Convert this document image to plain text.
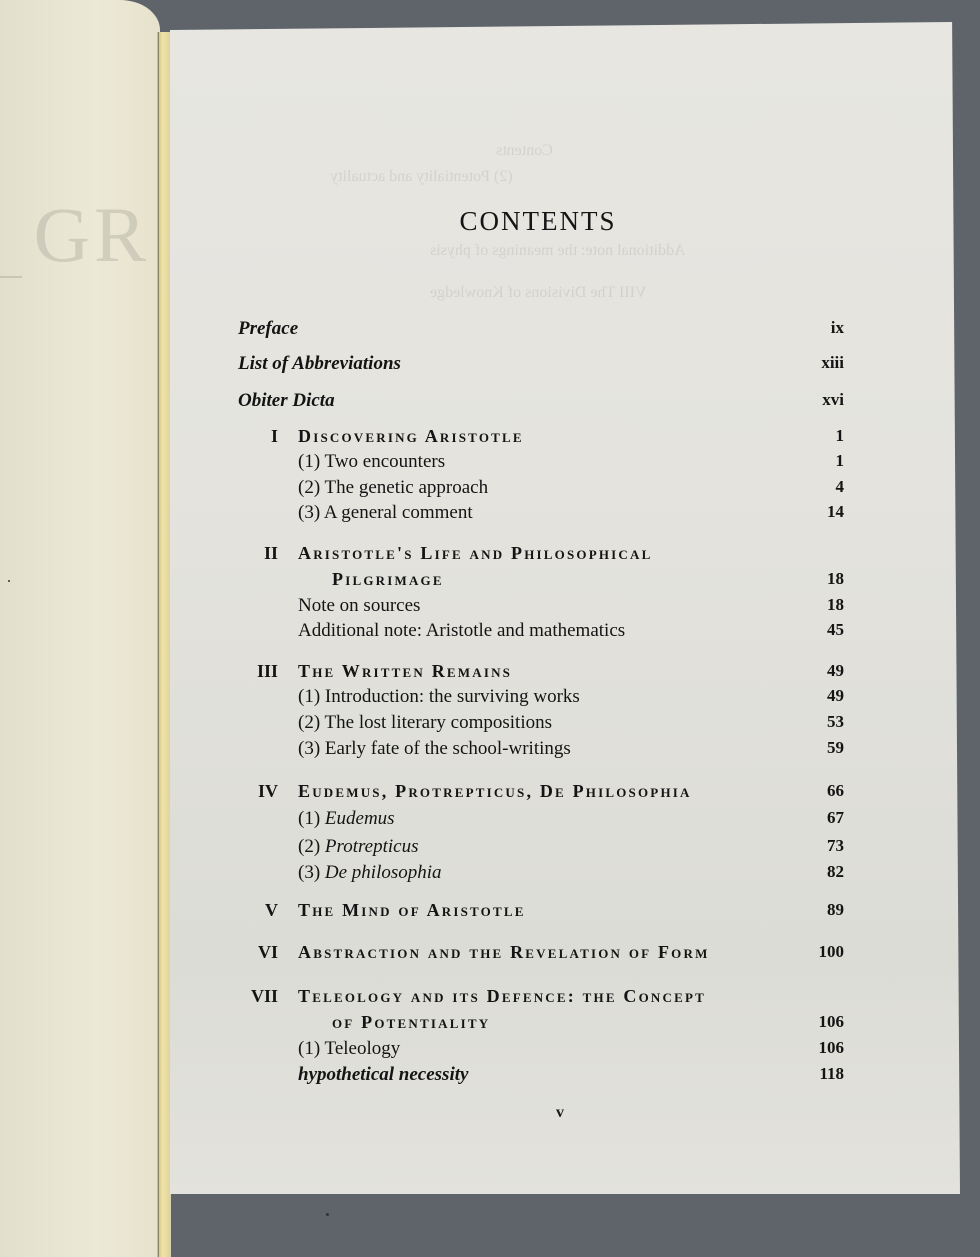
GR
Contents
(2) Potentiality and actuality
Additional note: the meanings of physis
VIII The Divisions of Knowledge
CONTENTS
Preface	ix
List of Abbreviations	xiii
Obiter Dicta	xvi
I Discovering Aristotle	1
(1) Two encounters	1
(2) The genetic approach	4
(3) A general comment	14
II Aristotle's Life and Philosophical
Pilgrimage	18
Note on sources	18
Additional note: Aristotle and mathematics	45
III The Written Remains	49
(1) Introduction: the surviving works	49
(2) The lost literary compositions	53
(3) Early fate of the school-writings	59
IV Eudemus, Protrepticus, De Philosophia	66
(1) Eudemus	67
(2) Protrepticus	73
(3) De philosophia	82
V The Mind of Aristotle	89
VI Abstraction and the Revelation of Form	100
VII Teleology and its Defence: the Concept
of Potentiality	106
(1) Teleology	106
hypothetical necessity	118
v
